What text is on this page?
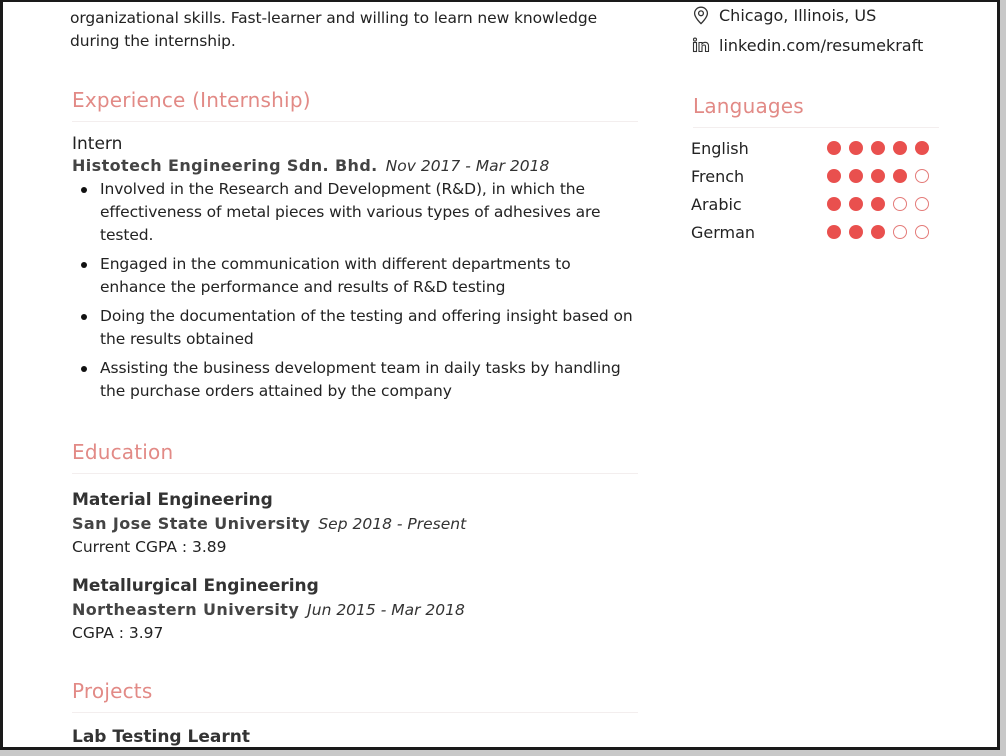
organizational skills. Fast-learner and willing to learn new knowledge

during the internship.

Experience (Internship)

Intern

Histotech Engineering Sdn. Bhd. Nov 2017 - Mar 2018

Involved in the Research and Development (R&D), in which the effectiveness of metal pieces with various types of adhesives are tested.
Engaged in the communication with different departments to enhance the performance and results of R&D testing
Doing the documentation of the testing and offering insight based on the results obtained
Assisting the business development team in daily tasks by handling the purchase orders attained by the company
Education

Material Engineering

San Jose State University Sep 2018 - Present

Current CGPA : 3.89

Metallurgical Engineering

Northeastern University Jun 2015 - Mar 2018

CGPA : 3.97

Projects

Lab Testing Learnt

Chicago, Illinois, US
linkedin.com/resumekraft
Languages
English
French
Arabic
German
